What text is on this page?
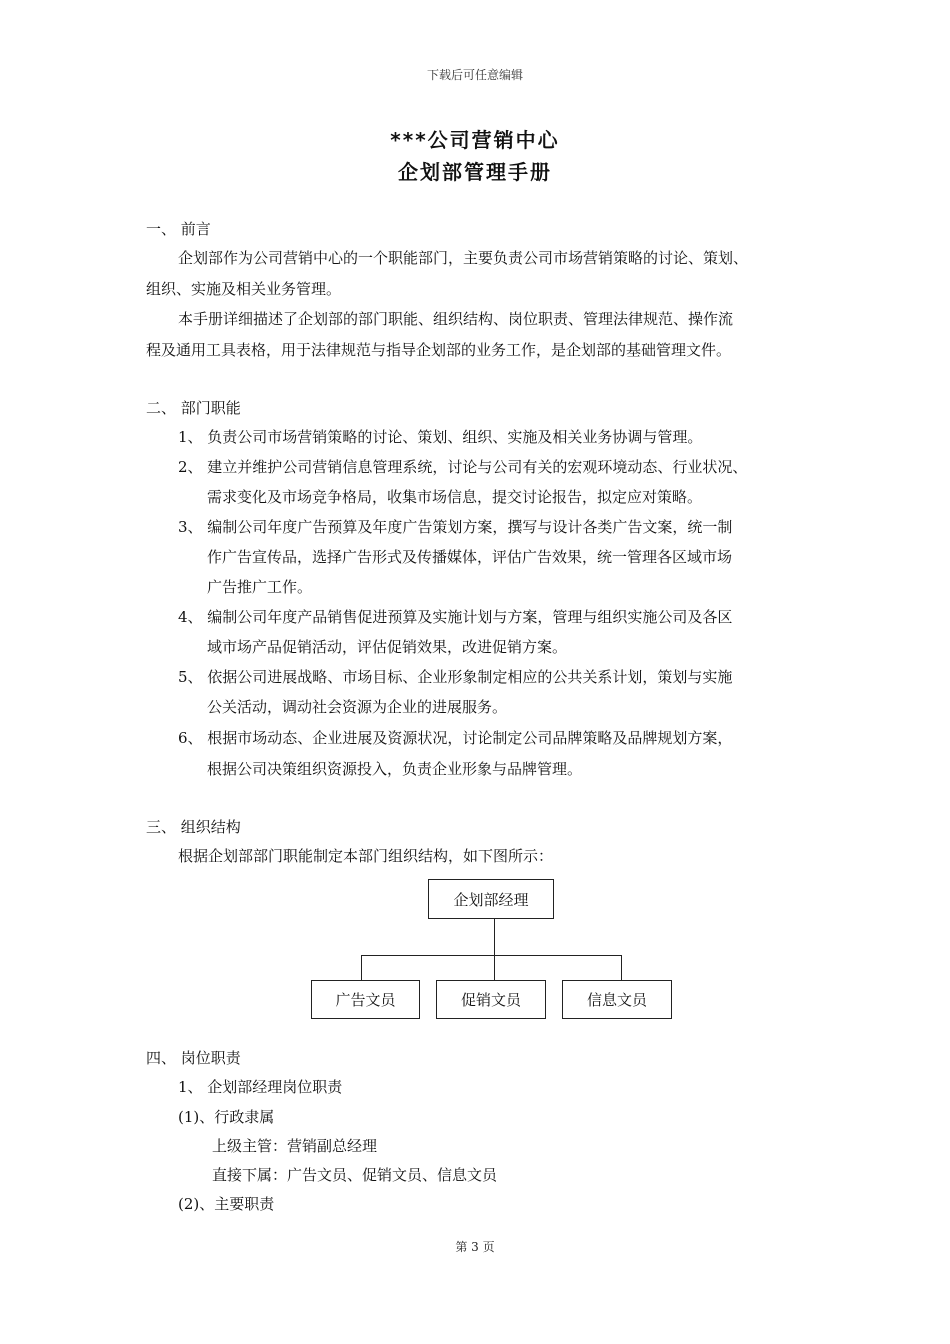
下载后可任意编辑
***公司营销中心
企划部管理手册
一、 前言
企划部作为公司营销中心的一个职能部门，主要负责公司市场营销策略的讨论、策划、
组织、实施及相关业务管理。
本手册详细描述了企划部的部门职能、组织结构、岗位职责、管理法律规范、操作流
程及通用工具表格，用于法律规范与指导企划部的业务工作，是企划部的基础管理文件。
二、 部门职能
1、 负责公司市场营销策略的讨论、策划、组织、实施及相关业务协调与管理。
2、 建立并维护公司营销信息管理系统，讨论与公司有关的宏观环境动态、行业状况、
需求变化及市场竞争格局，收集市场信息，提交讨论报告，拟定应对策略。
3、 编制公司年度广告预算及年度广告策划方案，撰写与设计各类广告文案，统一制
作广告宣传品，选择广告形式及传播媒体，评估广告效果，统一管理各区域市场
广告推广工作。
4、 编制公司年度产品销售促进预算及实施计划与方案，管理与组织实施公司及各区
域市场产品促销活动，评估促销效果，改进促销方案。
5、 依据公司进展战略、市场目标、企业形象制定相应的公共关系计划，策划与实施
公关活动，调动社会资源为企业的进展服务。
6、 根据市场动态、企业进展及资源状况，讨论制定公司品牌策略及品牌规划方案，
根据公司决策组织资源投入，负责企业形象与品牌管理。
三、 组织结构
根据企划部部门职能制定本部门组织结构，如下图所示：
企划部经理
广告文员	促销文员	信息文员
四、 岗位职责
1、 企划部经理岗位职责
(1)、行政隶属
上级主管：营销副总经理
直接下属：广告文员、促销文员、信息文员
(2)、主要职责
第 3 页
